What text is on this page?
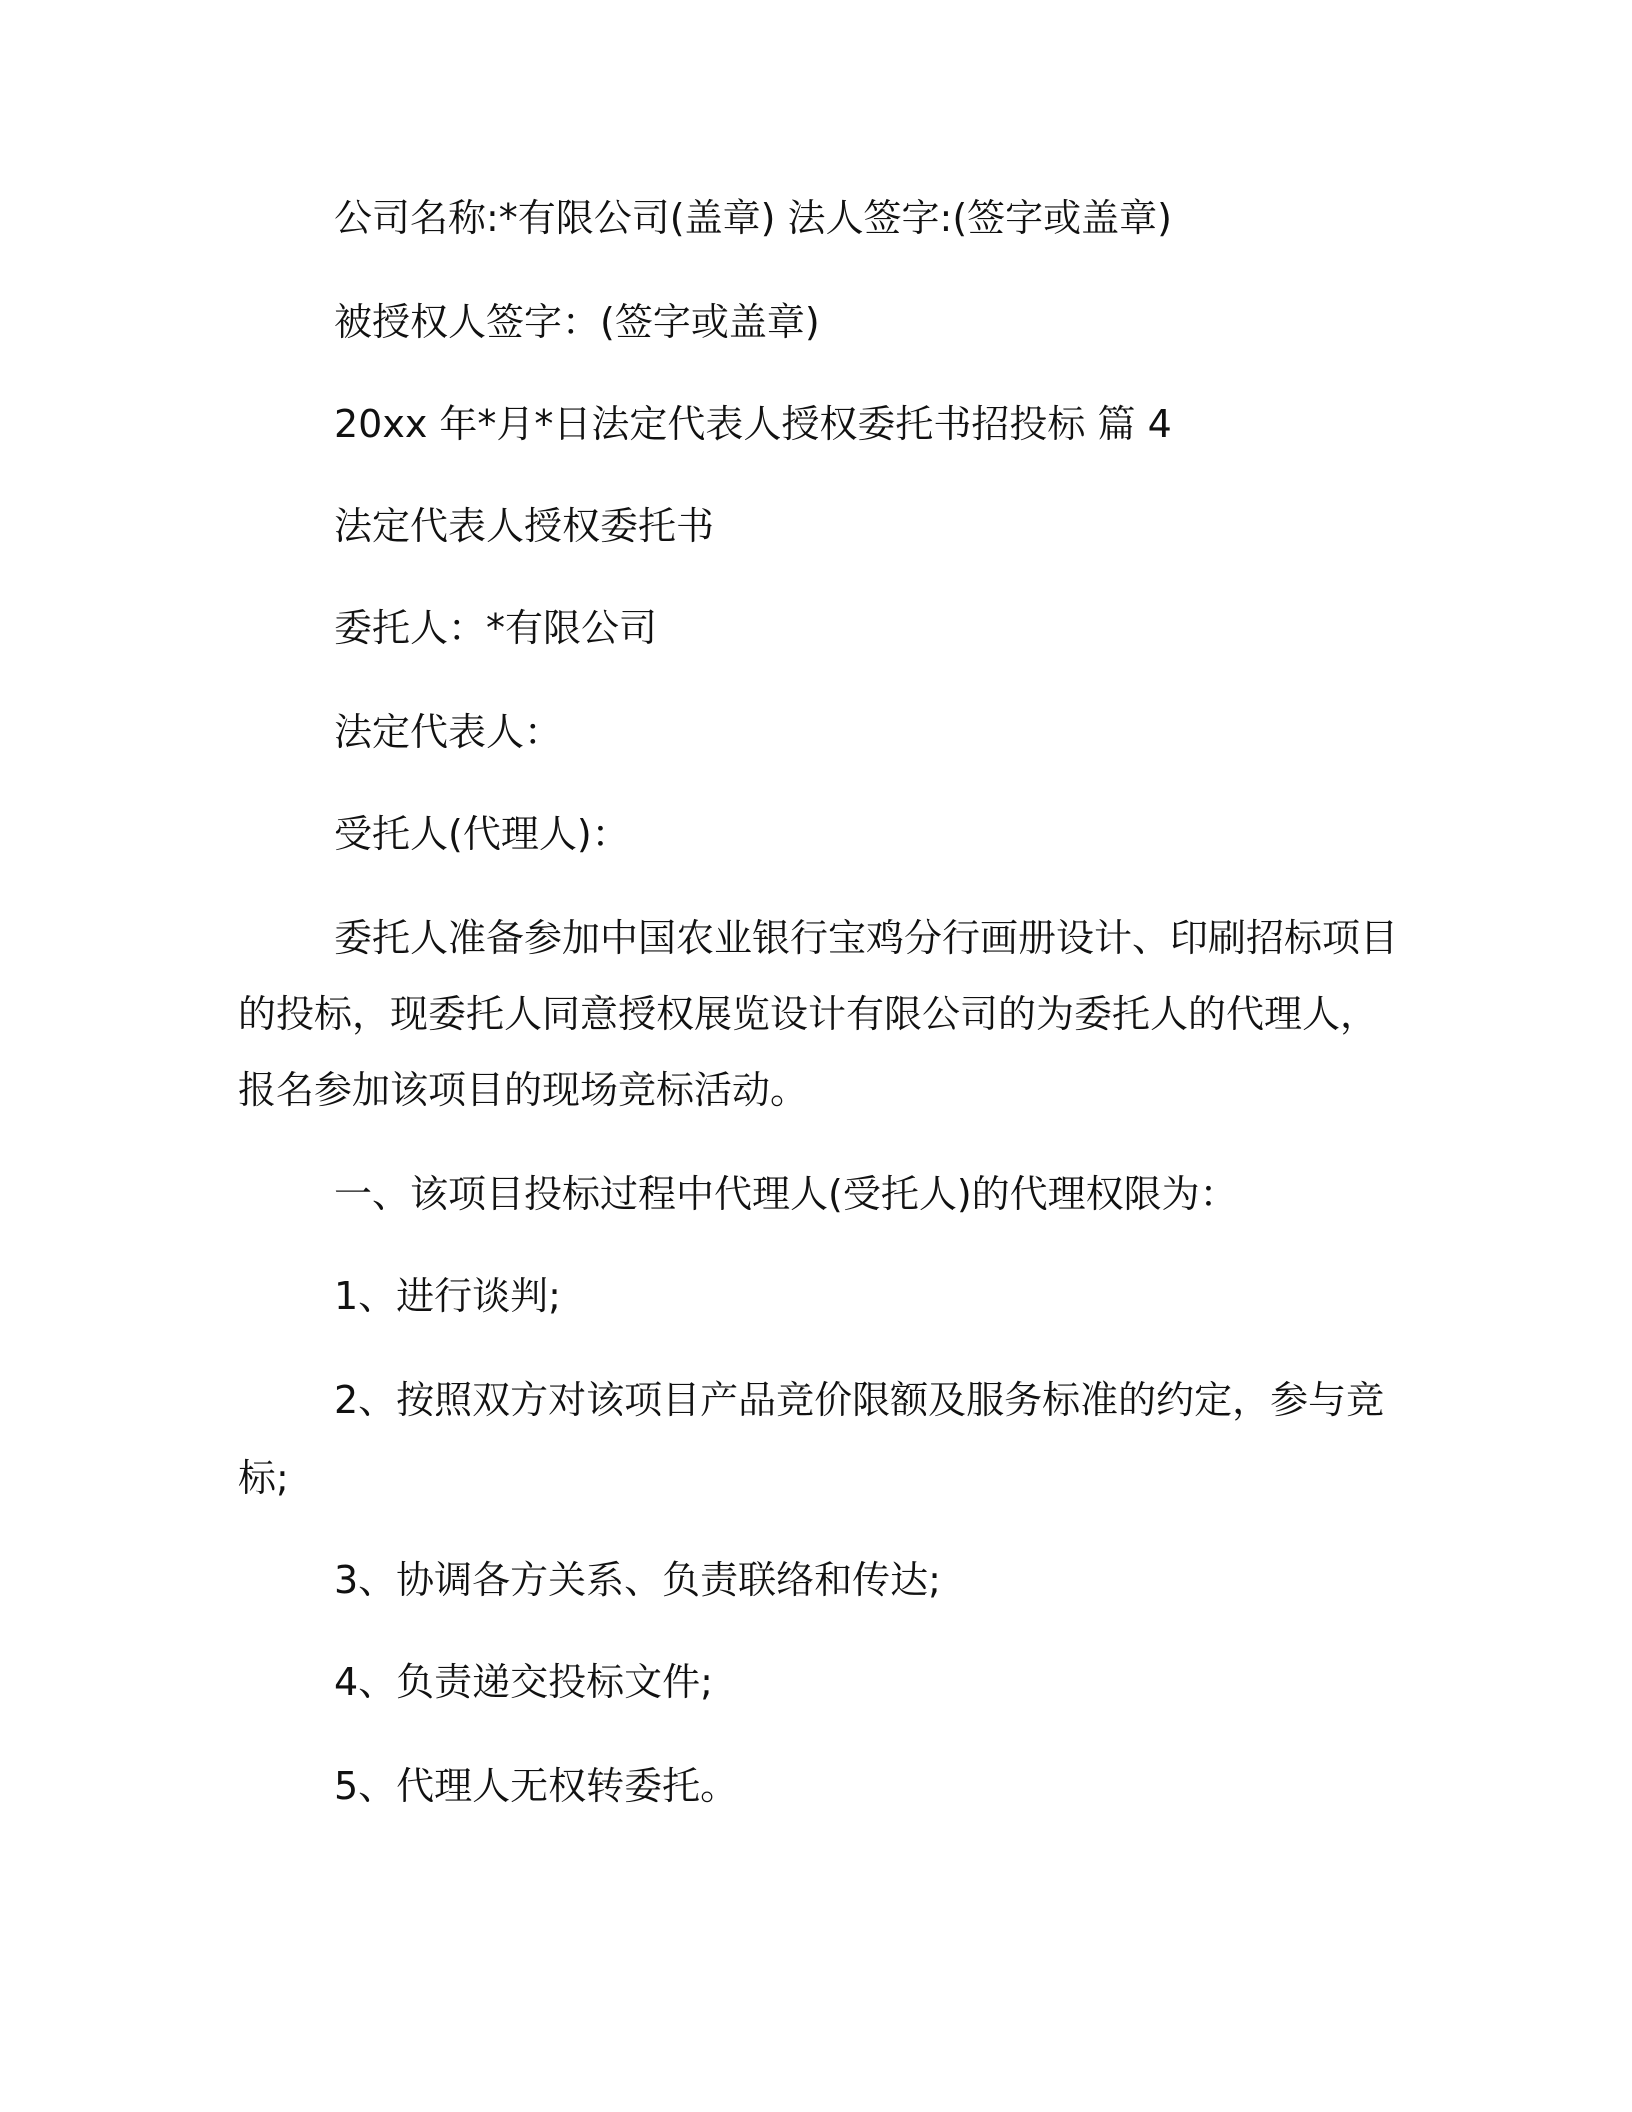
公司名称:*有限公司(盖章) 法人签字:(签字或盖章)
被授权人签字：(签字或盖章)
20xx 年*月*日法定代表人授权委托书招投标 篇 4
法定代表人授权委托书
委托人：*有限公司
法定代表人：
受托人(代理人)：
委托人准备参加中国农业银行宝鸡分行画册设计、印刷招标项目
的投标，现委托人同意授权展览设计有限公司的为委托人的代理人，
报名参加该项目的现场竞标活动。
一、该项目投标过程中代理人(受托人)的代理权限为：
1、进行谈判;
2、按照双方对该项目产品竞价限额及服务标准的约定，参与竞
标;
3、协调各方关系、负责联络和传达;
4、负责递交投标文件;
5、代理人无权转委托。
